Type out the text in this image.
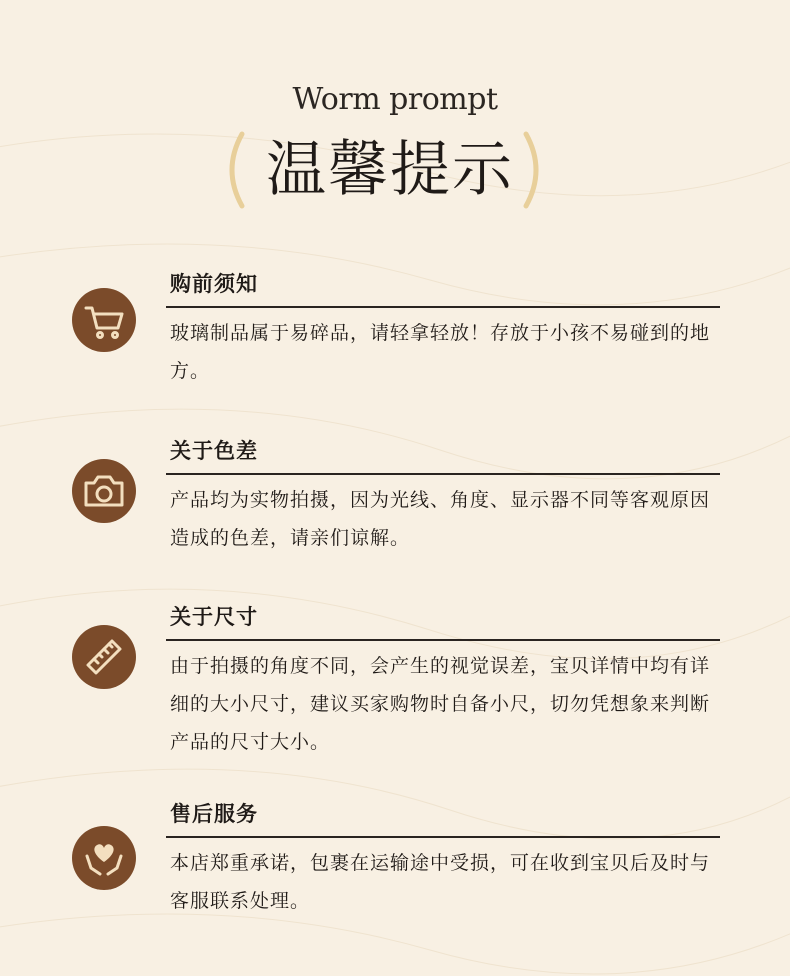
Worm prompt
温馨提示
购前须知
玻璃制品属于易碎品，请轻拿轻放！存放于小孩不易碰到的地方。
关于色差
产品均为实物拍摄，因为光线、角度、显示器不同等客观原因造成的色差，请亲们谅解。
关于尺寸
由于拍摄的角度不同，会产生的视觉误差，宝贝详情中均有详细的大小尺寸，建议买家购物时自备小尺，切勿凭想象来判断产品的尺寸大小。
售后服务
本店郑重承诺，包裹在运输途中受损，可在收到宝贝后及时与客服联系处理。
